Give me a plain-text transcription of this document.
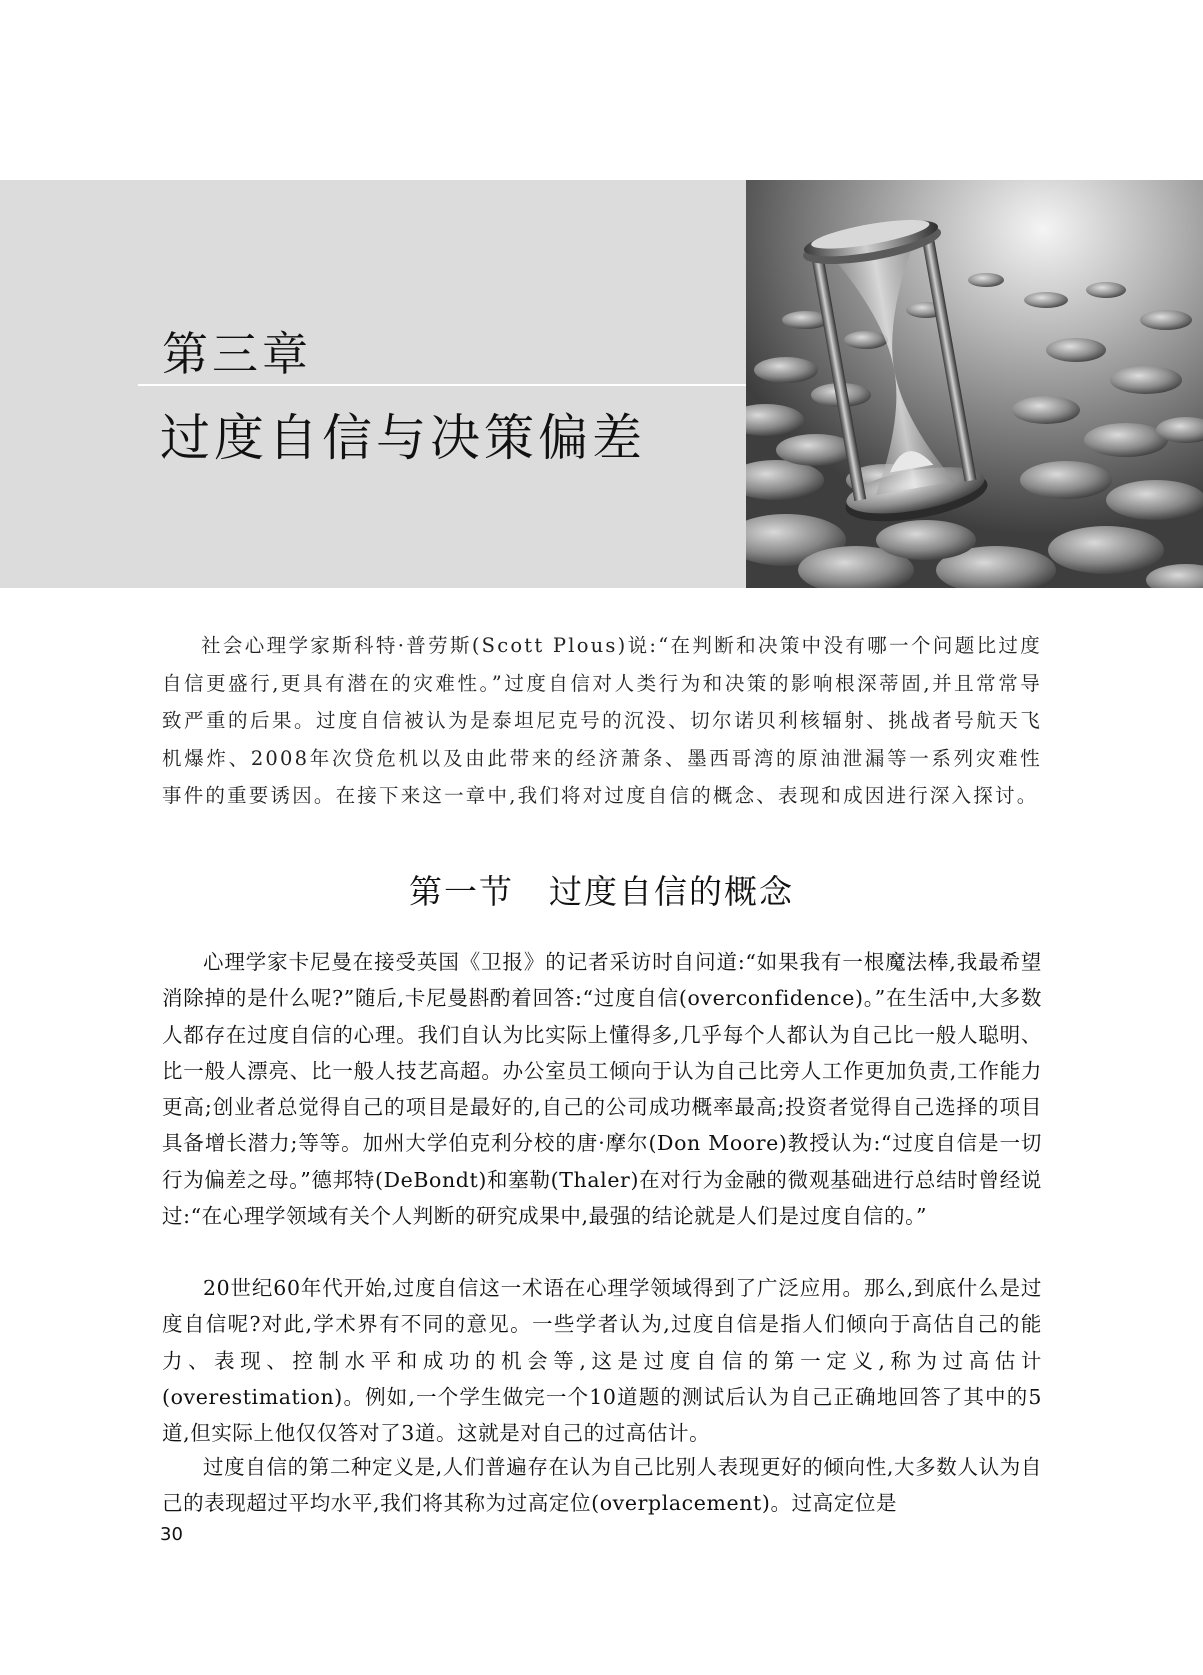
第三章
过度自信与决策偏差

社会心理学家斯科特·普劳斯(Scott Plous)说:“在判断和决策中没有哪一个问题比过度自信更盛行,更具有潜在的灾难性。”过度自信对人类行为和决策的影响根深蒂固,并且常常导致严重的后果。过度自信被认为是泰坦尼克号的沉没、切尔诺贝利核辐射、挑战者号航天飞机爆炸、2008年次贷危机以及由此带来的经济萧条、墨西哥湾的原油泄漏等一系列灾难性事件的重要诱因。在接下来这一章中,我们将对过度自信的概念、表现和成因进行深入探讨。

第一节　过度自信的概念

心理学家卡尼曼在接受英国《卫报》的记者采访时自问道:“如果我有一根魔法棒,我最希望消除掉的是什么呢?”随后,卡尼曼斟酌着回答:“过度自信(overconfidence)。”在生活中,大多数人都存在过度自信的心理。我们自认为比实际上懂得多,几乎每个人都认为自己比一般人聪明、比一般人漂亮、比一般人技艺高超。办公室员工倾向于认为自己比旁人工作更加负责,工作能力更高;创业者总觉得自己的项目是最好的,自己的公司成功概率最高;投资者觉得自己选择的项目具备增长潜力;等等。加州大学伯克利分校的唐·摩尔(Don Moore)教授认为:“过度自信是一切行为偏差之母。”德邦特(DeBondt)和塞勒(Thaler)在对行为金融的微观基础进行总结时曾经说过:“在心理学领域有关个人判断的研究成果中,最强的结论就是人们是过度自信的。”

20世纪60年代开始,过度自信这一术语在心理学领域得到了广泛应用。那么,到底什么是过度自信呢?对此,学术界有不同的意见。一些学者认为,过度自信是指人们倾向于高估自己的能力、表现、控制水平和成功的机会等,这是过度自信的第一定义,称为过高估计(overestimation)。例如,一个学生做完一个10道题的测试后认为自己正确地回答了其中的5道,但实际上他仅仅答对了3道。这就是对自己的过高估计。

过度自信的第二种定义是,人们普遍存在认为自己比别人表现更好的倾向性,大多数人认为自己的表现超过平均水平,我们将其称为过高定位(overplacement)。过高定位是

30
